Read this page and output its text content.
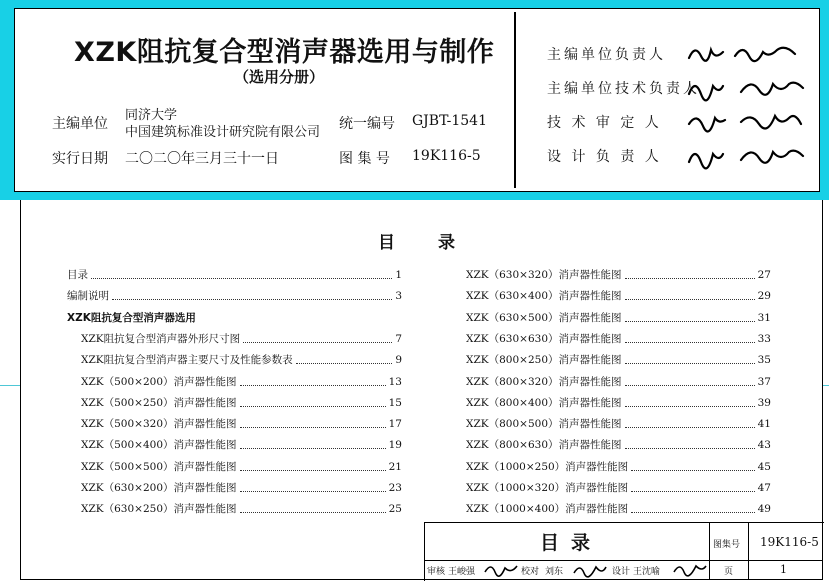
XZK阻抗复合型消声器选用与制作
（选用分册）
主编单位
同济大学
中国建筑标准设计研究院有限公司
实行日期 二〇二〇年三月三十一日
统一编号 GJBT-1541
图 集 号 19K116-5
主编单位负责人
主编单位技术负责人
技 术 审 定 人
设 计 负 责 人
目	录
目录	1
编制说明	3
XZK阻抗复合型消声器选用
XZK阻抗复合型消声器外形尺寸图	7
XZK阻抗复合型消声器主要尺寸及性能参数表	9
XZK（500×200）消声器性能图	13
XZK（500×250）消声器性能图	15
XZK（500×320）消声器性能图	17
XZK（500×400）消声器性能图	19
XZK（500×500）消声器性能图	21
XZK（630×200）消声器性能图	23
XZK（630×250）消声器性能图	25
XZK（630×320）消声器性能图	27
XZK（630×400）消声器性能图	29
XZK（630×500）消声器性能图	31
XZK（630×630）消声器性能图	33
XZK（800×250）消声器性能图	35
XZK（800×320）消声器性能图	37
XZK（800×400）消声器性能图	39
XZK（800×500）消声器性能图	41
XZK（800×630）消声器性能图	43
XZK（1000×250）消声器性能图	45
XZK（1000×320）消声器性能图	47
XZK（1000×400）消声器性能图	49
目录	图集号 19K116-5
审核 王峻强	校对 刘东	设计 王沈喻	页	1
